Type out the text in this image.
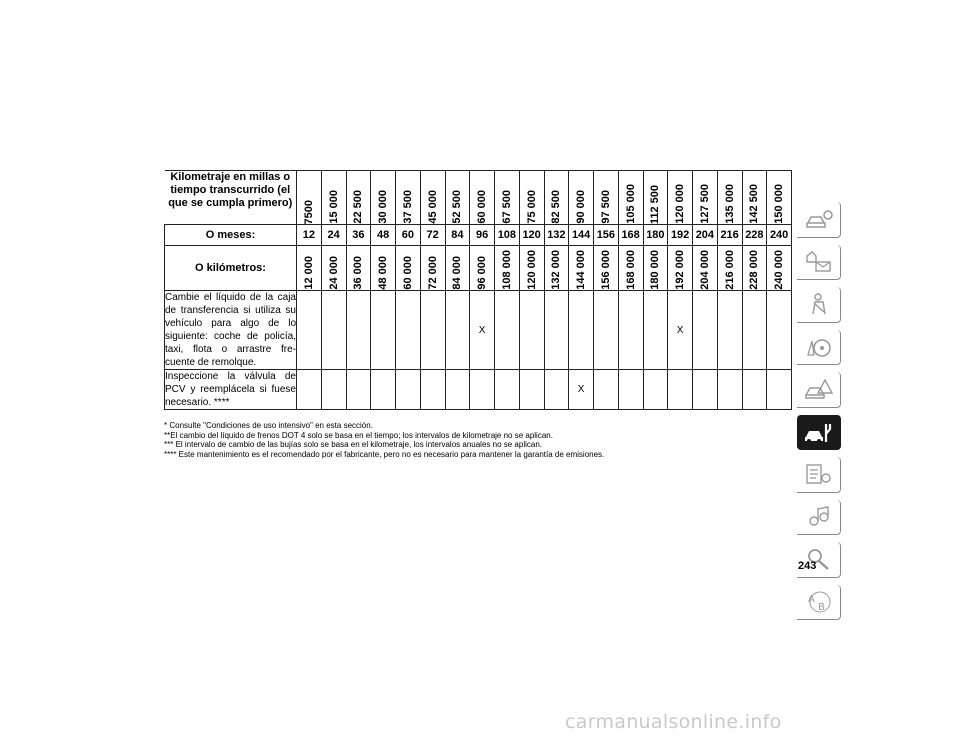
Kilometraje en millas o tiempo transcurrido (el que se cumpla primero)	7500	15 000	22 500	30 000	37 500	45 000	52 500	60 000	67 500	75 000	82 500	90 000	97 500	105 000	112 500	120 000	127 500	135 000	142 500	150 000

O meses:	12	24	36	48	60	72	84	96	108	120	132	144	156	168	180	192	204	216	228	240
O kilómetros:	12 000	24 000	36 000	48 000	60 000	72 000	84 000	96 000	108 000	120 000	132 000	144 000	156 000	168 000	180 000	192 000	204 000	216 000	228 000	240 000

Cambie el líquido de la caja de transferencia si utiliza su vehículo para algo de lo siguiente: coche de policía, taxi, flota o arrastre fre-cuente de remolque.								X								X				
Inspeccione la válvula de PCV y reemplácela si fuese necesario. ****												X								
* Consulte "Condiciones de uso intensivo" en esta sección.
**El cambio del líquido de frenos DOT 4 solo se basa en el tiempo; los intervalos de kilometraje no se aplican.
*** El intervalo de cambio de las bujías solo se basa en el kilometraje, los intervalos anuales no se aplican.
**** Este mantenimiento es el recomendado por el fabricante, pero no es necesario para mantener la garantía de emisiones.
A
B
243
carmanualsonline.info
